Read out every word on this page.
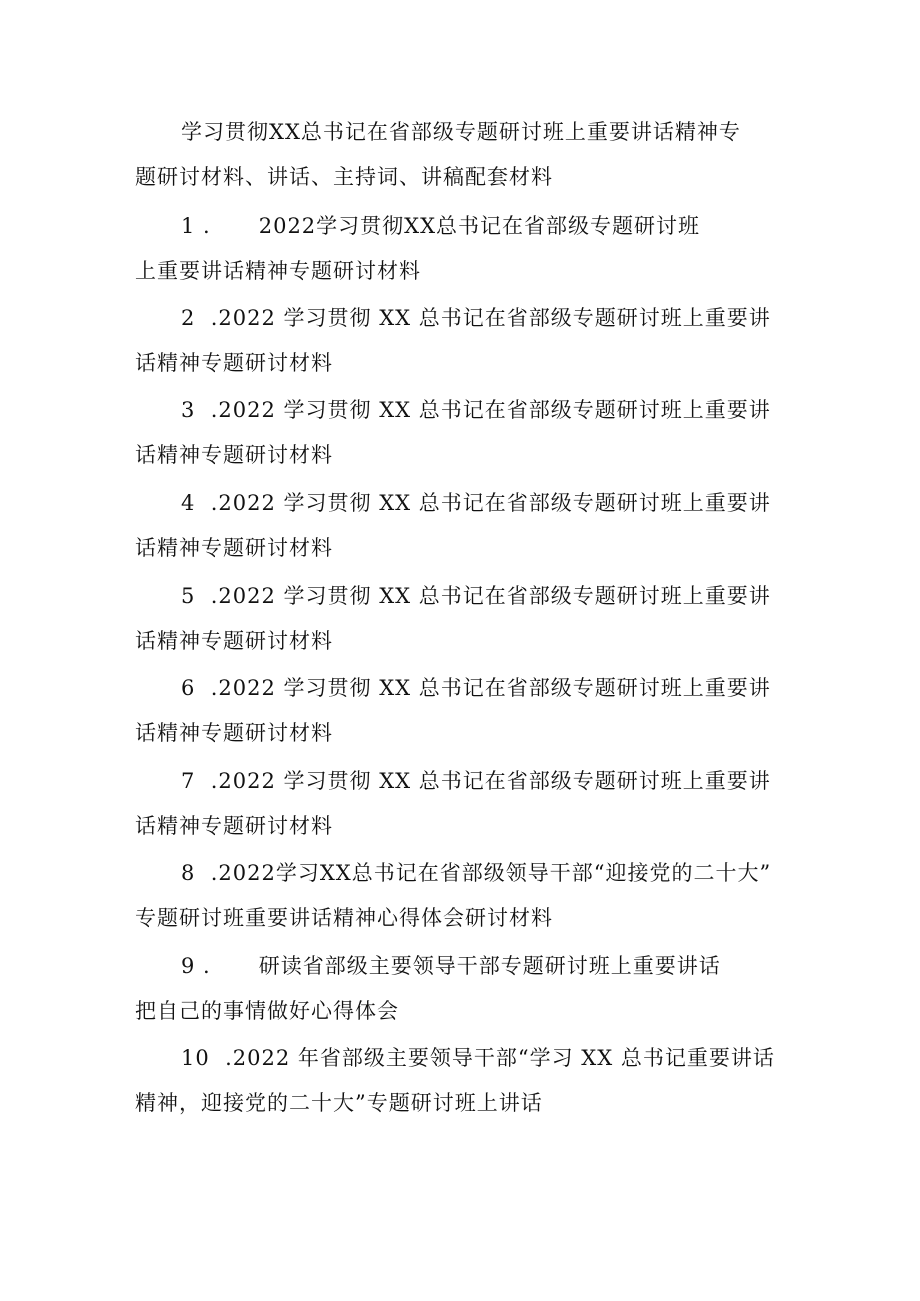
学习贯彻XX总书记在省部级专题研讨班上重要讲话精神专
题研讨材料、讲话、主持词、讲稿配套材料
1 . 2022学习贯彻XX总书记在省部级专题研讨班
上重要讲话精神专题研讨材料
2 .2022 学习贯彻 XX 总书记在省部级专题研讨班上重要讲
话精神专题研讨材料
3 .2022 学习贯彻 XX 总书记在省部级专题研讨班上重要讲
话精神专题研讨材料
4 .2022 学习贯彻 XX 总书记在省部级专题研讨班上重要讲
话精神专题研讨材料
5 .2022 学习贯彻 XX 总书记在省部级专题研讨班上重要讲
话精神专题研讨材料
6 .2022 学习贯彻 XX 总书记在省部级专题研讨班上重要讲
话精神专题研讨材料
7 .2022 学习贯彻 XX 总书记在省部级专题研讨班上重要讲
话精神专题研讨材料
8 .2022学习XX总书记在省部级领导干部“迎接党的二十大”
专题研讨班重要讲话精神心得体会研讨材料
9 . 研读省部级主要领导干部专题研讨班上重要讲话
把自己的事情做好心得体会
10 .2022 年省部级主要领导干部“学习 XX 总书记重要讲话
精神，迎接党的二十大”专题研讨班上讲话
